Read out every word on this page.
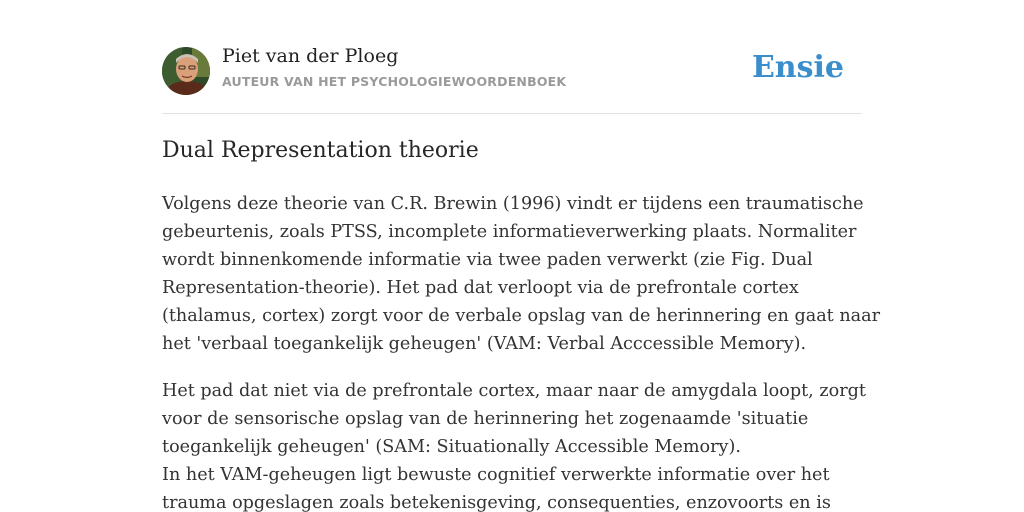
Piet van der Ploeg
AUTEUR VAN HET PSYCHOLOGIEWOORDENBOEK	Ensie
Dual Representation theorie
Volgens deze theorie van C.R. Brewin (1996) vindt er tijdens een traumatische
gebeurtenis, zoals PTSS, incomplete informatieverwerking plaats. Normaliter
wordt binnenkomende informatie via twee paden verwerkt (zie Fig. Dual
Representation-theorie). Het pad dat verloopt via de prefrontale cortex
(thalamus, cortex) zorgt voor de verbale opslag van de herinnering en gaat naar
het 'verbaal toegankelijk geheugen' (VAM: Verbal Acccessible Memory).
Het pad dat niet via de prefrontale cortex, maar naar de amygdala loopt, zorgt
voor de sensorische opslag van de herinnering het zogenaamde 'situatie
toegankelijk geheugen' (SAM: Situationally Accessible Memory).
In het VAM-geheugen ligt bewuste cognitief verwerkte informatie over het
trauma opgeslagen zoals betekenisgeving, consequenties, enzovoorts en is
